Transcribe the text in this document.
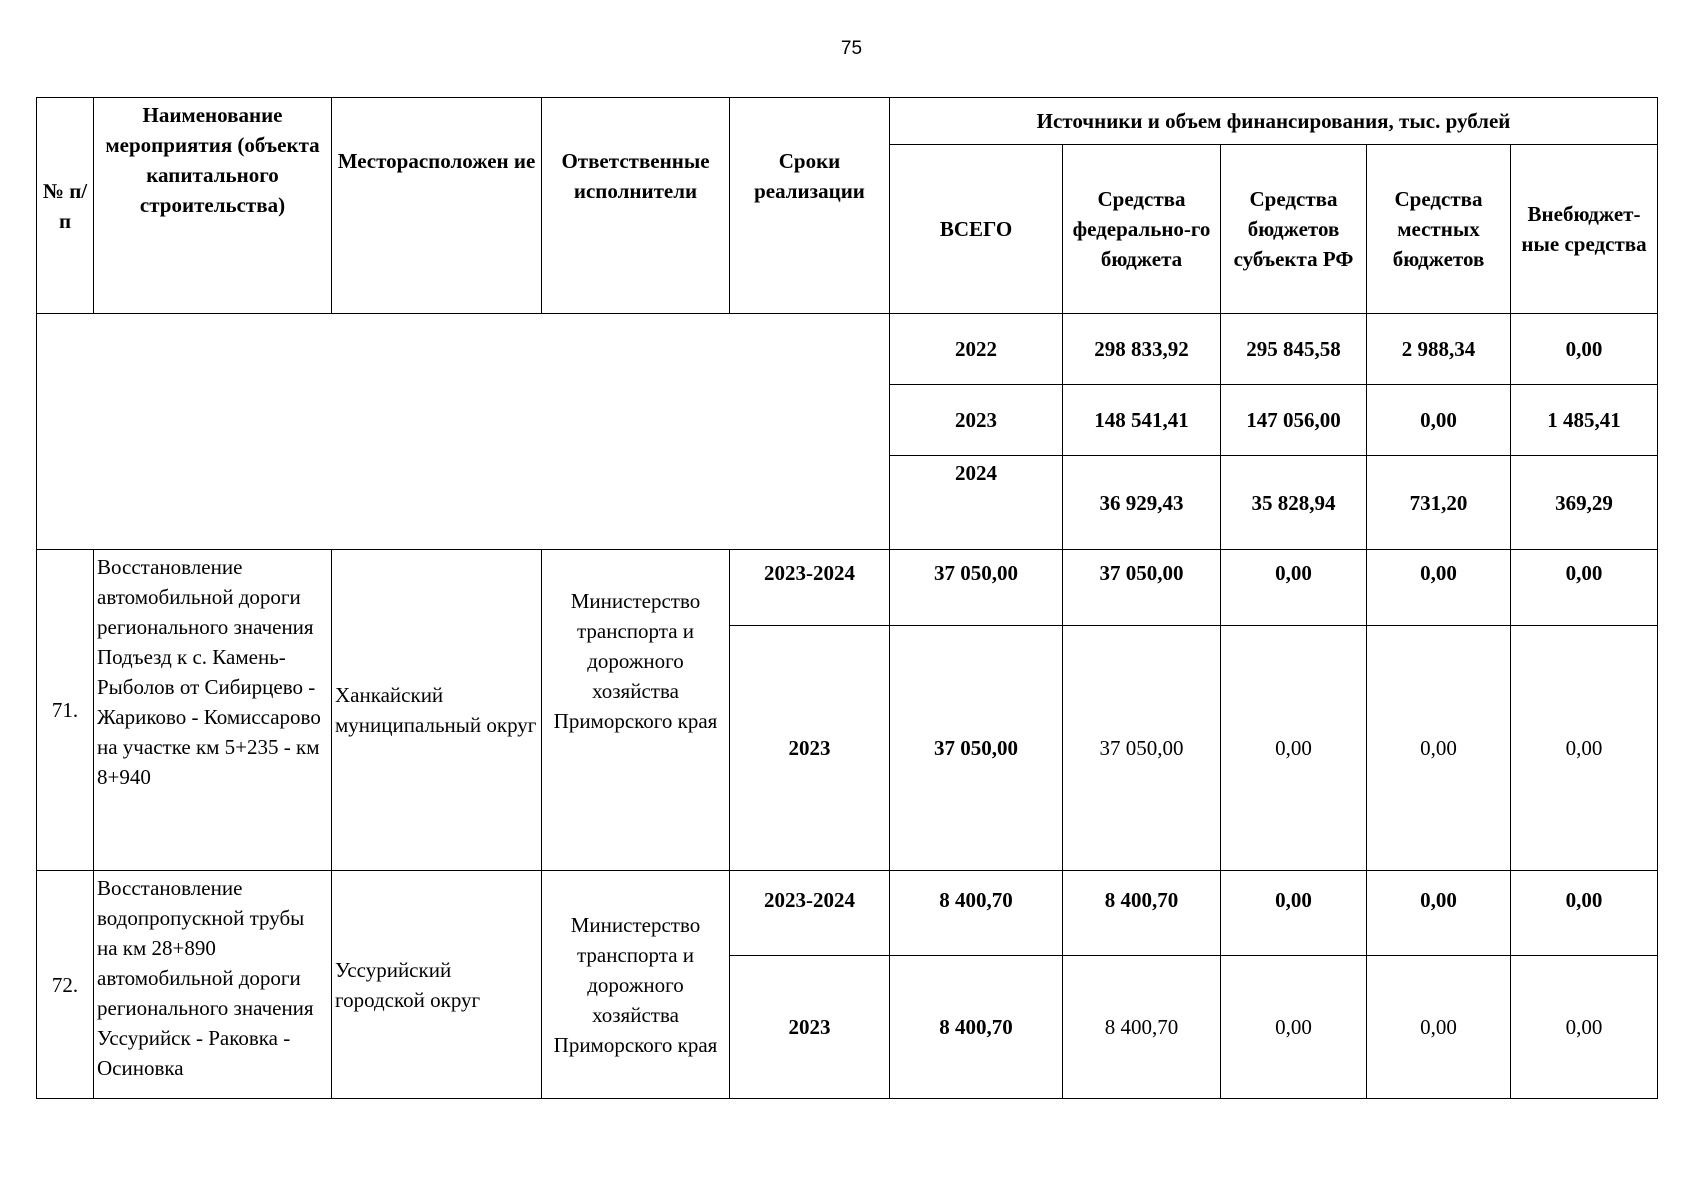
75
№ п/п	Наименование мероприятия (объекта капитального строительства)	Месторасположен ие	Ответственные исполнители	Сроки реализации	Источники и объем финансирования, тыс. рублей					
					ВСЕГО	Средства федерально-го бюджета	Средства бюджетов субъекта РФ	Средства местных бюджетов	Внебюджет-ные средства	
					2022	298 833,92	295 845,58	2 988,34	0,00	
					2023	148 541,41	147 056,00	0,00	1 485,41	
					2024	36 929,43	35 828,94	731,20	369,29	
71.	Восстановление автомобильной дороги регионального значения Подъезд к с. Камень-Рыболов от Сибирцево - Жариково - Комиссарово на участке км 5+235 - км 8+940	Ханкайский муниципальный округ	Министерство транспорта и дорожного хозяйства Приморского края	2023-2024	37 050,00	37 050,00	0,00	0,00	0,00	
				2023	37 050,00	37 050,00	0,00	0,00	0,00	
72.	Восстановление водопропускной трубы на км 28+890 автомобильной дороги регионального значения Уссурийск - Раковка - Осиновка	Уссурийский городской округ	Министерство транспорта и дорожного хозяйства Приморского края	2023-2024	8 400,70	8 400,70	0,00	0,00	0,00	
				2023	8 400,70	8 400,70	0,00	0,00	0,00	
